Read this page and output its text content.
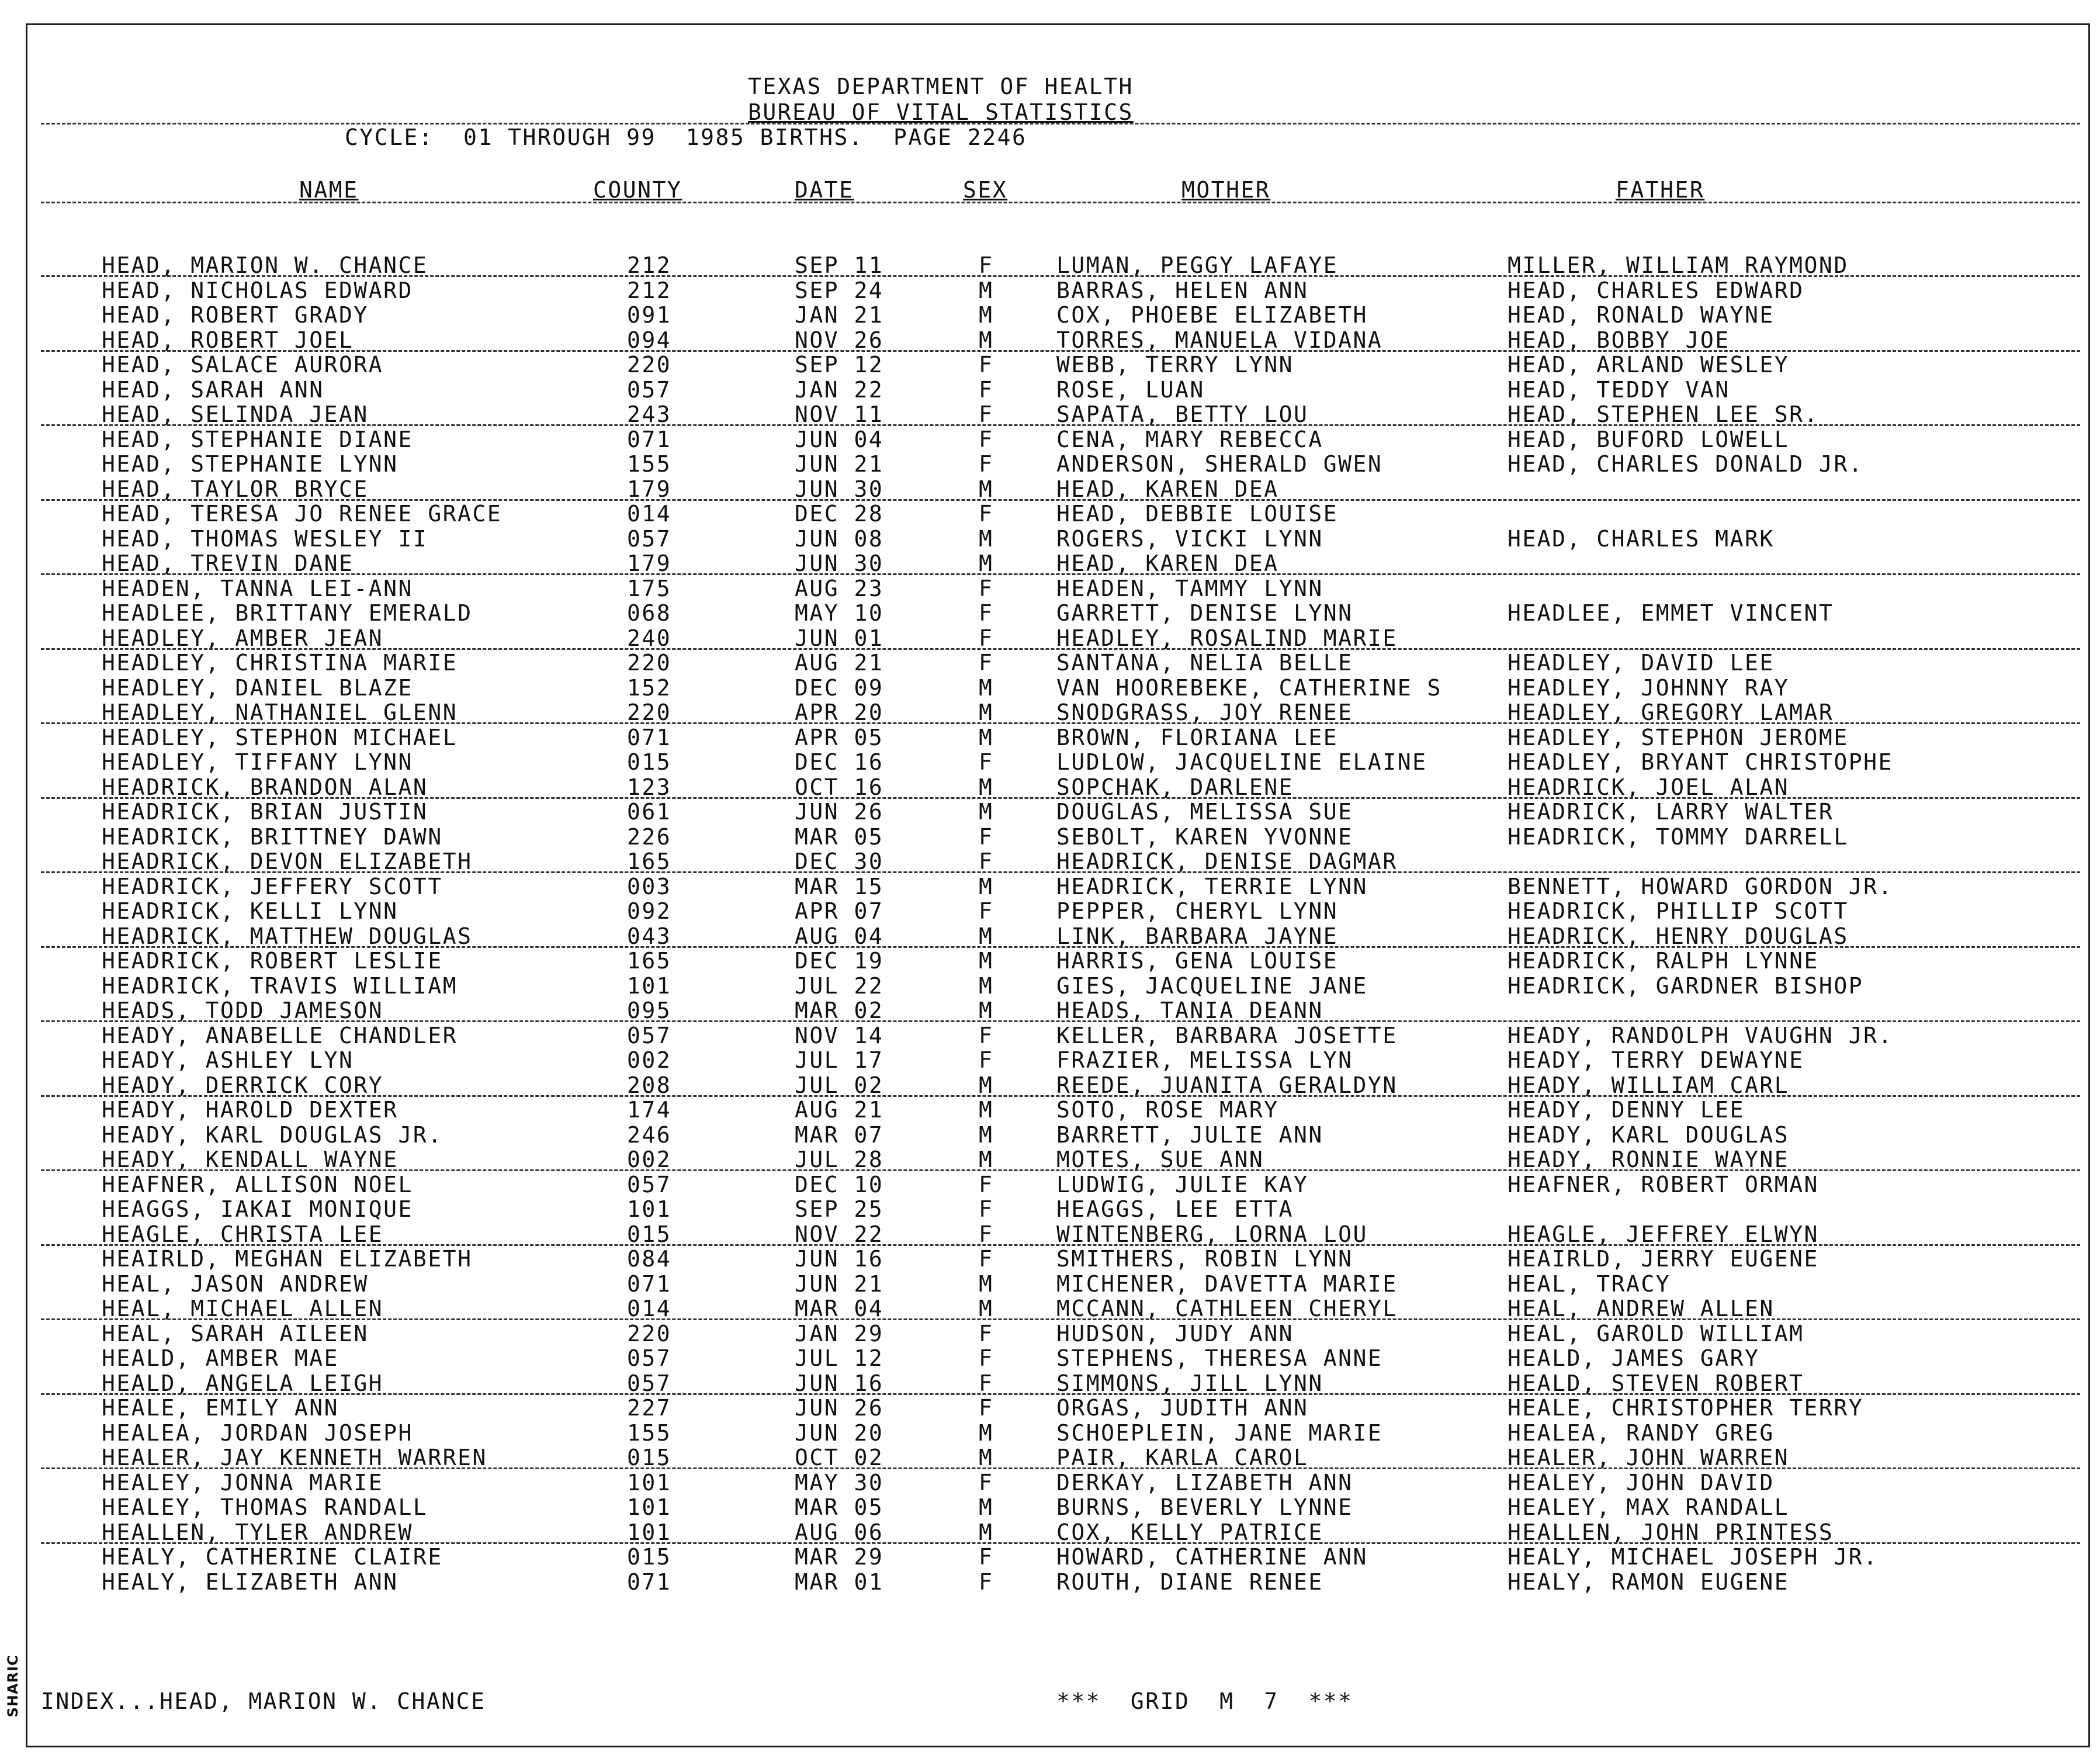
SHARIC
TEXAS DEPARTMENT OF HEALTH
BUREAU OF VITAL STATISTICS
CYCLE:  01 THROUGH 99  1985 BIRTHS.  PAGE 2246
NAME	COUNTY	DATE	SEX	MOTHER	FATHER
HEAD, MARION W. CHANCE	212	SEP 11	F	LUMAN, PEGGY LAFAYE	MILLER, WILLIAM RAYMOND
HEAD, NICHOLAS EDWARD	212	SEP 24	M	BARRAS, HELEN ANN	HEAD, CHARLES EDWARD
HEAD, ROBERT GRADY	091	JAN 21	M	COX, PHOEBE ELIZABETH	HEAD, RONALD WAYNE
HEAD, ROBERT JOEL	094	NOV 26	M	TORRES, MANUELA VIDANA	HEAD, BOBBY JOE
HEAD, SALACE AURORA	220	SEP 12	F	WEBB, TERRY LYNN	HEAD, ARLAND WESLEY
HEAD, SARAH ANN	057	JAN 22	F	ROSE, LUAN	HEAD, TEDDY VAN
HEAD, SELINDA JEAN	243	NOV 11	F	SAPATA, BETTY LOU	HEAD, STEPHEN LEE SR.
HEAD, STEPHANIE DIANE	071	JUN 04	F	CENA, MARY REBECCA	HEAD, BUFORD LOWELL
HEAD, STEPHANIE LYNN	155	JUN 21	F	ANDERSON, SHERALD GWEN	HEAD, CHARLES DONALD JR.
HEAD, TAYLOR BRYCE	179	JUN 30	M	HEAD, KAREN DEA
HEAD, TERESA JO RENEE GRACE	014	DEC 28	F	HEAD, DEBBIE LOUISE
HEAD, THOMAS WESLEY II	057	JUN 08	M	ROGERS, VICKI LYNN	HEAD, CHARLES MARK
HEAD, TREVIN DANE	179	JUN 30	M	HEAD, KAREN DEA
HEADEN, TANNA LEI-ANN	175	AUG 23	F	HEADEN, TAMMY LYNN
HEADLEE, BRITTANY EMERALD	068	MAY 10	F	GARRETT, DENISE LYNN	HEADLEE, EMMET VINCENT
HEADLEY, AMBER JEAN	240	JUN 01	F	HEADLEY, ROSALIND MARIE
HEADLEY, CHRISTINA MARIE	220	AUG 21	F	SANTANA, NELIA BELLE	HEADLEY, DAVID LEE
HEADLEY, DANIEL BLAZE	152	DEC 09	M	VAN HOOREBEKE, CATHERINE S	HEADLEY, JOHNNY RAY
HEADLEY, NATHANIEL GLENN	220	APR 20	M	SNODGRASS, JOY RENEE	HEADLEY, GREGORY LAMAR
HEADLEY, STEPHON MICHAEL	071	APR 05	M	BROWN, FLORIANA LEE	HEADLEY, STEPHON JEROME
HEADLEY, TIFFANY LYNN	015	DEC 16	F	LUDLOW, JACQUELINE ELAINE	HEADLEY, BRYANT CHRISTOPHE
HEADRICK, BRANDON ALAN	123	OCT 16	M	SOPCHAK, DARLENE	HEADRICK, JOEL ALAN
HEADRICK, BRIAN JUSTIN	061	JUN 26	M	DOUGLAS, MELISSA SUE	HEADRICK, LARRY WALTER
HEADRICK, BRITTNEY DAWN	226	MAR 05	F	SEBOLT, KAREN YVONNE	HEADRICK, TOMMY DARRELL
HEADRICK, DEVON ELIZABETH	165	DEC 30	F	HEADRICK, DENISE DAGMAR
HEADRICK, JEFFERY SCOTT	003	MAR 15	M	HEADRICK, TERRIE LYNN	BENNETT, HOWARD GORDON JR.
HEADRICK, KELLI LYNN	092	APR 07	F	PEPPER, CHERYL LYNN	HEADRICK, PHILLIP SCOTT
HEADRICK, MATTHEW DOUGLAS	043	AUG 04	M	LINK, BARBARA JAYNE	HEADRICK, HENRY DOUGLAS
HEADRICK, ROBERT LESLIE	165	DEC 19	M	HARRIS, GENA LOUISE	HEADRICK, RALPH LYNNE
HEADRICK, TRAVIS WILLIAM	101	JUL 22	M	GIES, JACQUELINE JANE	HEADRICK, GARDNER BISHOP
HEADS, TODD JAMESON	095	MAR 02	M	HEADS, TANIA DEANN
HEADY, ANABELLE CHANDLER	057	NOV 14	F	KELLER, BARBARA JOSETTE	HEADY, RANDOLPH VAUGHN JR.
HEADY, ASHLEY LYN	002	JUL 17	F	FRAZIER, MELISSA LYN	HEADY, TERRY DEWAYNE
HEADY, DERRICK CORY	208	JUL 02	M	REEDE, JUANITA GERALDYN	HEADY, WILLIAM CARL
HEADY, HAROLD DEXTER	174	AUG 21	M	SOTO, ROSE MARY	HEADY, DENNY LEE
HEADY, KARL DOUGLAS JR.	246	MAR 07	M	BARRETT, JULIE ANN	HEADY, KARL DOUGLAS
HEADY, KENDALL WAYNE	002	JUL 28	M	MOTES, SUE ANN	HEADY, RONNIE WAYNE
HEAFNER, ALLISON NOEL	057	DEC 10	F	LUDWIG, JULIE KAY	HEAFNER, ROBERT ORMAN
HEAGGS, IAKAI MONIQUE	101	SEP 25	F	HEAGGS, LEE ETTA
HEAGLE, CHRISTA LEE	015	NOV 22	F	WINTENBERG, LORNA LOU	HEAGLE, JEFFREY ELWYN
HEAIRLD, MEGHAN ELIZABETH	084	JUN 16	F	SMITHERS, ROBIN LYNN	HEAIRLD, JERRY EUGENE
HEAL, JASON ANDREW	071	JUN 21	M	MICHENER, DAVETTA MARIE	HEAL, TRACY
HEAL, MICHAEL ALLEN	014	MAR 04	M	MCCANN, CATHLEEN CHERYL	HEAL, ANDREW ALLEN
HEAL, SARAH AILEEN	220	JAN 29	F	HUDSON, JUDY ANN	HEAL, GAROLD WILLIAM
HEALD, AMBER MAE	057	JUL 12	F	STEPHENS, THERESA ANNE	HEALD, JAMES GARY
HEALD, ANGELA LEIGH	057	JUN 16	F	SIMMONS, JILL LYNN	HEALD, STEVEN ROBERT
HEALE, EMILY ANN	227	JUN 26	F	ORGAS, JUDITH ANN	HEALE, CHRISTOPHER TERRY
HEALEA, JORDAN JOSEPH	155	JUN 20	M	SCHOEPLEIN, JANE MARIE	HEALEA, RANDY GREG
HEALER, JAY KENNETH WARREN	015	OCT 02	M	PAIR, KARLA CAROL	HEALER, JOHN WARREN
HEALEY, JONNA MARIE	101	MAY 30	F	DERKAY, LIZABETH ANN	HEALEY, JOHN DAVID
HEALEY, THOMAS RANDALL	101	MAR 05	M	BURNS, BEVERLY LYNNE	HEALEY, MAX RANDALL
HEALLEN, TYLER ANDREW	101	AUG 06	M	COX, KELLY PATRICE	HEALLEN, JOHN PRINTESS
HEALY, CATHERINE CLAIRE	015	MAR 29	F	HOWARD, CATHERINE ANN	HEALY, MICHAEL JOSEPH JR.
HEALY, ELIZABETH ANN	071	MAR 01	F	ROUTH, DIANE RENEE	HEALY, RAMON EUGENE
INDEX...HEAD, MARION W. CHANCE	***  GRID  M  7  ***
